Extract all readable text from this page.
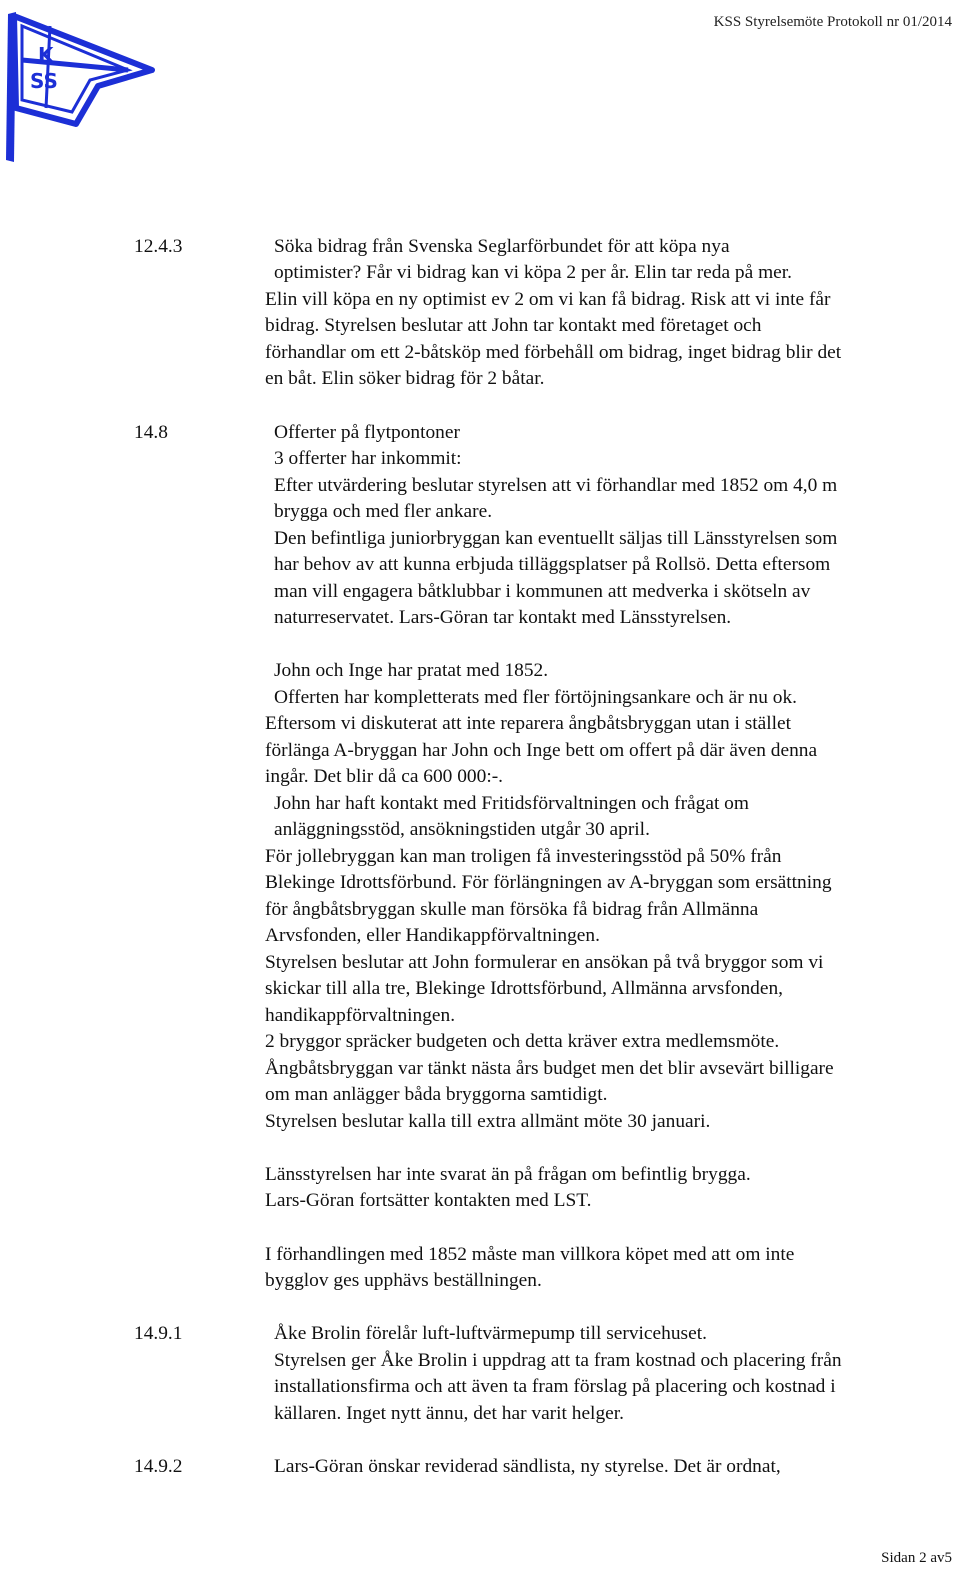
K
SS
KSS Styrelsemöte Protokoll nr 01/2014
12.4.3	Söka bidrag från Svenska Seglarförbundet för att köpa nya
optimister? Får vi bidrag kan vi köpa 2 per år. Elin tar reda på mer.
Elin vill köpa en ny optimist ev 2 om vi kan få bidrag. Risk att vi inte får
bidrag. Styrelsen beslutar att John tar kontakt med företaget och
förhandlar om ett 2-båtsköp med förbehåll om bidrag, inget bidrag blir det
en båt. Elin söker bidrag för 2 båtar.
14.8	Offerter på flytpontoner
3 offerter har inkommit:
Efter utvärdering beslutar styrelsen att vi förhandlar med 1852 om 4,0 m
brygga och med fler ankare.
Den befintliga juniorbryggan kan eventuellt säljas till Länsstyrelsen som
har behov av att kunna erbjuda tilläggsplatser på Rollsö. Detta eftersom
man vill engagera båtklubbar i kommunen att medverka i skötseln av
naturreservatet. Lars-Göran tar kontakt med Länsstyrelsen.
John och Inge har pratat med 1852.
Offerten har kompletterats med fler förtöjningsankare och är nu ok.
Eftersom vi diskuterat att inte reparera ångbåtsbryggan utan i stället
förlänga A-bryggan har John och Inge bett om offert på där även denna
ingår. Det blir då ca 600 000:-.
John har haft kontakt med Fritidsförvaltningen och frågat om
anläggningsstöd, ansökningstiden utgår 30 april.
För jollebryggan kan man troligen få investeringsstöd på 50% från
Blekinge Idrottsförbund. För förlängningen av A-bryggan som ersättning
för ångbåtsbryggan skulle man försöka få bidrag från Allmänna
Arvsfonden, eller Handikappförvaltningen.
Styrelsen beslutar att John formulerar en ansökan på två bryggor som vi
skickar till alla tre, Blekinge Idrottsförbund, Allmänna arvsfonden,
handikappförvaltningen.
2 bryggor spräcker budgeten och detta kräver extra medlemsmöte.
Ångbåtsbryggan var tänkt nästa års budget men det blir avsevärt billigare
om man anlägger båda bryggorna samtidigt.
Styrelsen beslutar kalla till extra allmänt möte 30 januari.
Länsstyrelsen har inte svarat än på frågan om befintlig brygga.
Lars-Göran fortsätter kontakten med LST.
I förhandlingen med 1852 måste man villkora köpet med att om inte
bygglov ges upphävs beställningen.
14.9.1	Åke Brolin förelår luft-luftvärmepump till servicehuset.
Styrelsen ger Åke Brolin i uppdrag att ta fram kostnad och placering från
installationsfirma och att även ta fram förslag på placering och kostnad i
källaren. Inget nytt ännu, det har varit helger.
14.9.2	Lars-Göran önskar reviderad sändlista, ny styrelse. Det är ordnat,
Sidan 2 av5
